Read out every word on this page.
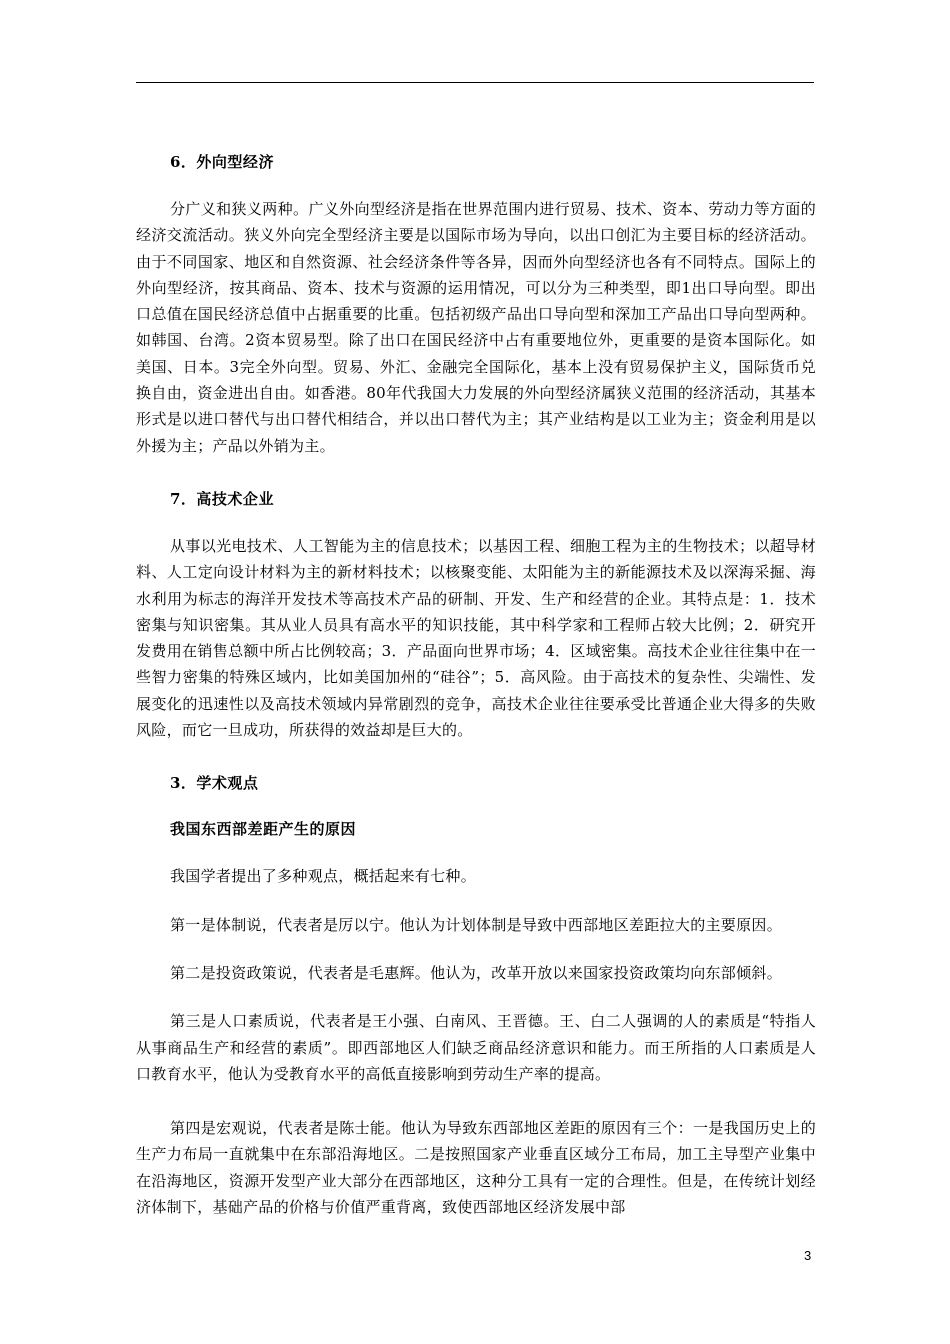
6．外向型经济

分广义和狭义两种。广义外向型经济是指在世界范围内进行贸易、技术、资本、劳动力等方面的经济交流活动。狭义外向完全型经济主要是以国际市场为导向，以出口创汇为主要目标的经济活动。由于不同国家、地区和自然资源、社会经济条件等各异，因而外向型经济也各有不同特点。国际上的外向型经济，按其商品、资本、技术与资源的运用情况，可以分为三种类型，即1出口导向型。即出口总值在国民经济总值中占据重要的比重。包括初级产品出口导向型和深加工产品出口导向型两种。如韩国、台湾。2资本贸易型。除了出口在国民经济中占有重要地位外，更重要的是资本国际化。如美国、日本。3完全外向型。贸易、外汇、金融完全国际化，基本上没有贸易保护主义，国际货币兑换自由，资金进出自由。如香港。80年代我国大力发展的外向型经济属狭义范围的经济活动，其基本形式是以进口替代与出口替代相结合，并以出口替代为主；其产业结构是以工业为主；资金利用是以外援为主；产品以外销为主。

7．高技术企业

从事以光电技术、人工智能为主的信息技术；以基因工程、细胞工程为主的生物技术；以超导材料、人工定向设计材料为主的新材料技术；以核聚变能、太阳能为主的新能源技术及以深海采掘、海水利用为标志的海洋开发技术等高技术产品的研制、开发、生产和经营的企业。其特点是：1．技术密集与知识密集。其从业人员具有高水平的知识技能，其中科学家和工程师占较大比例；2．研究开发费用在销售总额中所占比例较高；3．产品面向世界市场；4．区域密集。高技术企业往往集中在一些智力密集的特殊区域内，比如美国加州的“硅谷”；5．高风险。由于高技术的复杂性、尖端性、发展变化的迅速性以及高技术领域内异常剧烈的竞争，高技术企业往往要承受比普通企业大得多的失败风险，而它一旦成功，所获得的效益却是巨大的。

3．学术观点

我国东西部差距产生的原因

我国学者提出了多种观点，概括起来有七种。

第一是体制说，代表者是厉以宁。他认为计划体制是导致中西部地区差距拉大的主要原因。

第二是投资政策说，代表者是毛惠辉。他认为，改革开放以来国家投资政策均向东部倾斜。

第三是人口素质说，代表者是王小强、白南风、王晋德。王、白二人强调的人的素质是“特指人从事商品生产和经营的素质”。即西部地区人们缺乏商品经济意识和能力。而王所指的人口素质是人口教育水平，他认为受教育水平的高低直接影响到劳动生产率的提高。

第四是宏观说，代表者是陈士能。他认为导致东西部地区差距的原因有三个：一是我国历史上的生产力布局一直就集中在东部沿海地区。二是按照国家产业垂直区域分工布局，加工主导型产业集中在沿海地区，资源开发型产业大部分在西部地区，这种分工具有一定的合理性。但是，在传统计划经济体制下，基础产品的价格与价值严重背离，致使西部地区经济发展中部

3
